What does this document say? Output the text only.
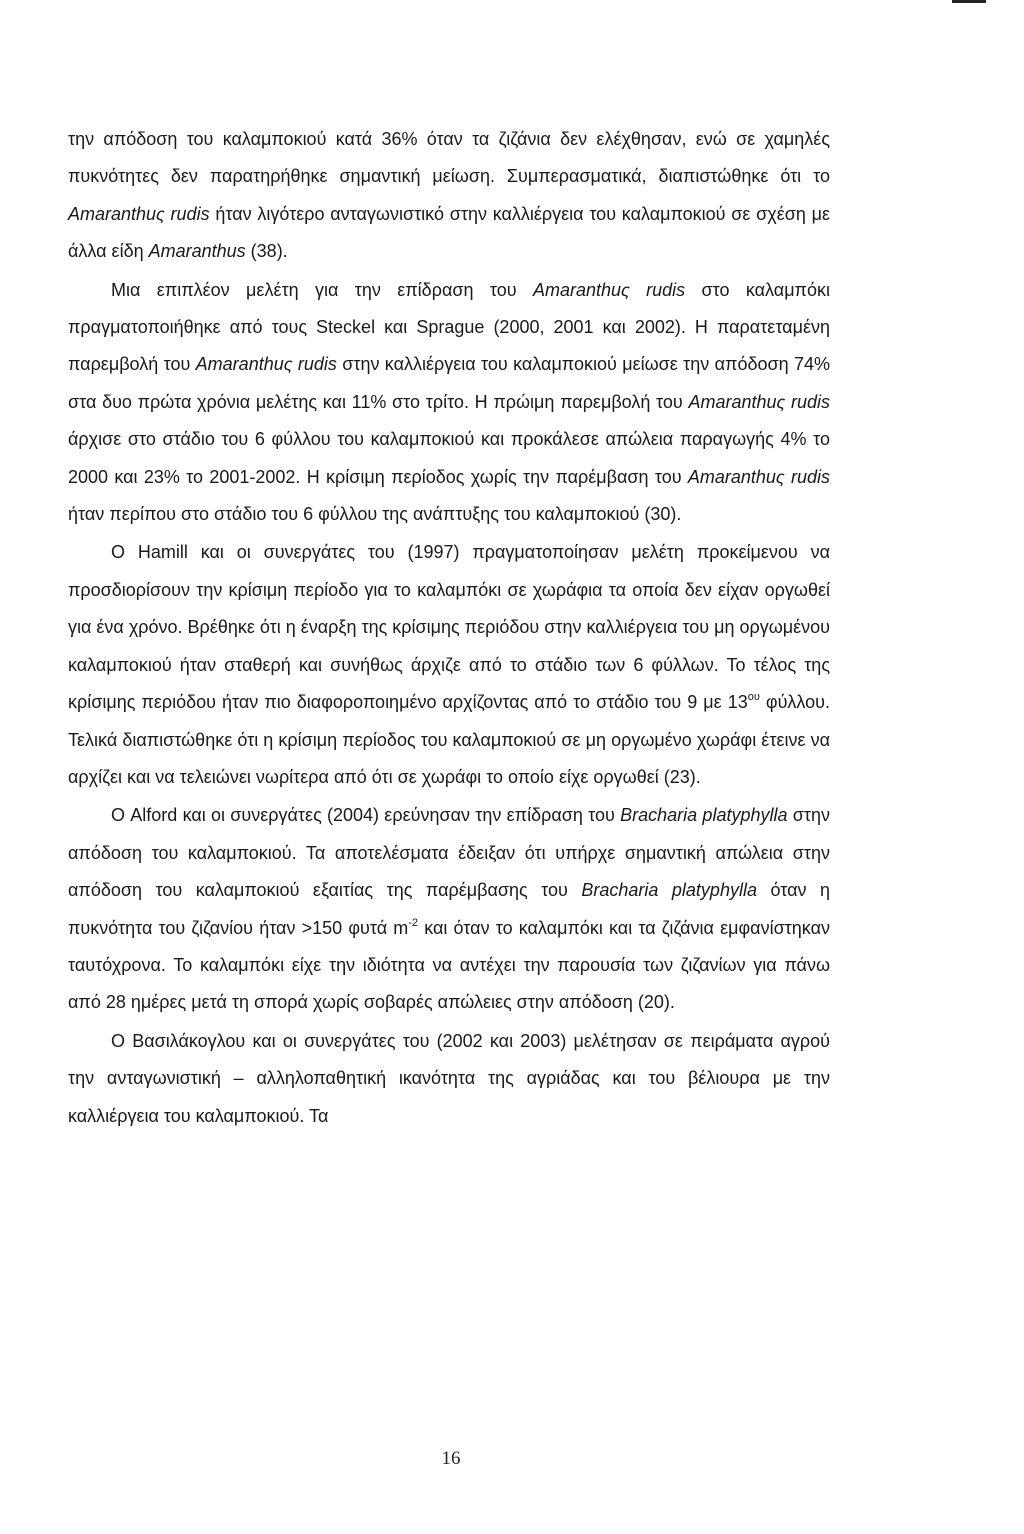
την απόδοση του καλαμποκιού κατά 36% όταν τα ζιζάνια δεν ελέχθησαν, ενώ σε χαμηλές πυκνότητες δεν παρατηρήθηκε σημαντική μείωση. Συμπερασματικά, διαπιστώθηκε ότι το Amaranthuς rudis ήταν λιγότερο ανταγωνιστικό στην καλλιέργεια του καλαμποκιού σε σχέση με άλλα είδη Amaranthus (38).

Μια επιπλέον μελέτη για την επίδραση του Amaranthuς rudis στο καλαμπόκι πραγματοποιήθηκε από τους Steckel και Sprague (2000, 2001 και 2002). Η παρατεταμένη παρεμβολή του Amaranthuς rudis στην καλλιέργεια του καλαμποκιού μείωσε την απόδοση 74% στα δυο πρώτα χρόνια μελέτης και 11% στο τρίτο. Η πρώιμη παρεμβολή του Amaranthuς rudis άρχισε στο στάδιο του 6 φύλλου του καλαμποκιού και προκάλεσε απώλεια παραγωγής 4% το 2000 και 23% το 2001-2002. Η κρίσιμη περίοδος χωρίς την παρέμβαση του Amaranthuς rudis ήταν περίπου στο στάδιο του 6 φύλλου της ανάπτυξης του καλαμποκιού (30).

Ο Hamill και οι συνεργάτες του (1997) πραγματοποίησαν μελέτη προκείμενου να προσδιορίσουν την κρίσιμη περίοδο για το καλαμπόκι σε χωράφια τα οποία δεν είχαν οργωθεί για ένα χρόνο. Βρέθηκε ότι η έναρξη της κρίσιμης περιόδου στην καλλιέργεια του μη οργωμένου καλαμποκιού ήταν σταθερή και συνήθως άρχιζε από το στάδιο των 6 φύλλων. Το τέλος της κρίσιμης περιόδου ήταν πιο διαφοροποιημένο αρχίζοντας από το στάδιο του 9 με $13^{o\upsilon}$ φύλλου. Τελικά διαπιστώθηκε ότι η κρίσιμη περίοδος του καλαμποκιού σε μη οργωμένο χωράφι έτεινε να αρχίζει και να τελειώνει νωρίτερα από ότι σε χωράφι το οποίο είχε οργωθεί (23).

Ο Alford και οι συνεργάτες (2004) ερεύνησαν την επίδραση του Bracharia platyphylla στην απόδοση του καλαμποκιού. Τα αποτελέσματα έδειξαν ότι υπήρχε σημαντική απώλεια στην απόδοση του καλαμποκιού εξαιτίας της παρέμβασης του Bracharia platyphylla όταν η πυκνότητα του ζιζανίου ήταν >150 φυτά $m^{-2}$ και όταν το καλαμπόκι και τα ζιζάνια εμφανίστηκαν ταυτόχρονα. Το καλαμπόκι είχε την ιδιότητα να αντέχει την παρουσία των ζιζανίων για πάνω από 28 ημέρες μετά τη σπορά χωρίς σοβαρές απώλειες στην απόδοση (20).

Ο Βασιλάκογλου και οι συνεργάτες του (2002 και 2003) μελέτησαν σε πειράματα αγρού την ανταγωνιστική – αλληλοπαθητική ικανότητα της αγριάδας και του βέλιουρα με την καλλιέργεια του καλαμποκιού. Τα

16
